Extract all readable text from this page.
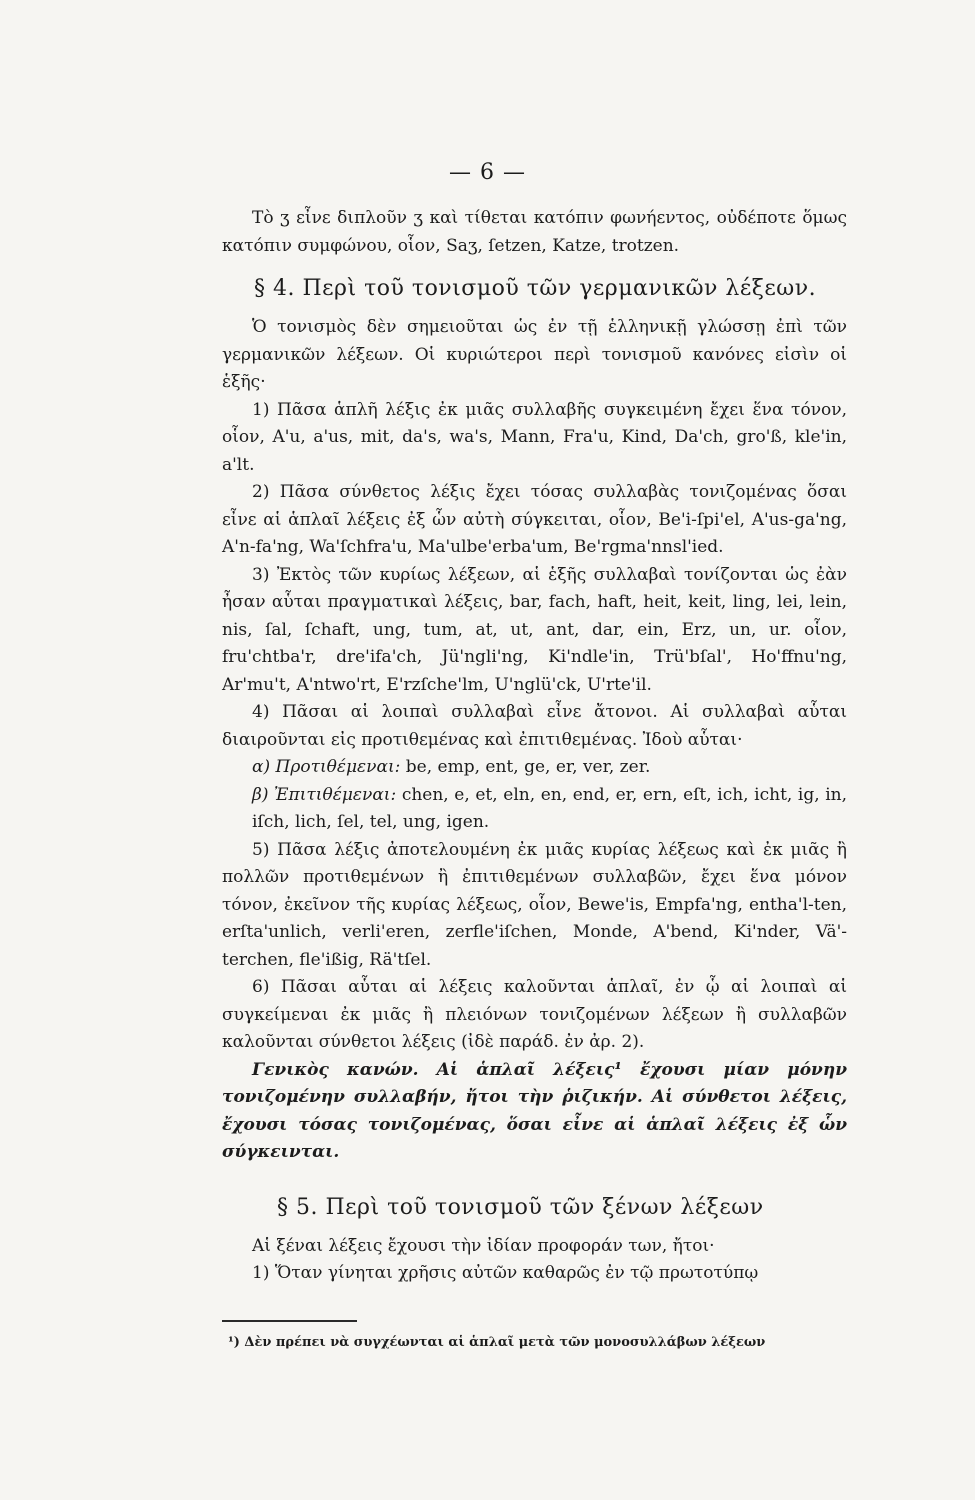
— 6 —

Τὸ ʒ εἶνε διπλοῦν ʒ καὶ τίθεται κατόπιν φωνήεντος, οὐδέποτε ὅμως κατόπιν συμφώνου, οἷον, Saʒ, ſetzen, Katze, trotzen.

§ 4. Περὶ τοῦ τονισμοῦ τῶν γερμανικῶν λέξεων.

Ὁ τονισμὸς δὲν σημειοῦται ὡς ἐν τῇ ἑλληνικῇ γλώσσῃ ἐπὶ τῶν γερμανικῶν λέξεων. Οἱ κυριώτεροι περὶ τονισμοῦ κανόνες εἰσὶν οἱ ἑξῆς·

1) Πᾶσα ἁπλῆ λέξις ἐκ μιᾶς συλλαβῆς συγκειμένη ἔχει ἕνα τόνον, οἷον, A'u, a'us, mit, da's, wa's, Mann, Fra'u, Kind, Da'ch, gro'ß, kle'in, a'lt.

2) Πᾶσα σύνθετος λέξις ἔχει τόσας συλλαβὰς τονιζομένας ὅσαι εἶνε αἱ ἁπλαῖ λέξεις ἐξ ὧν αὐτὴ σύγκειται, οἷον, Be'i-ſpi'el, A'us-ga'ng, A'n-fa'ng, Wa'ſchfra'u, Ma'ulbe'erba'um, Be'rgma'nnsl'ied.

3) Ἐκτὸς τῶν κυρίως λέξεων, αἱ ἑξῆς συλλαβαὶ τονίζονται ὡς ἐὰν ἦσαν αὗται πραγματικαὶ λέξεις, bar, fach, haft, heit, keit, ling, lei, lein, nis, ſal, ſchaft, ung, tum, at, ut, ant, dar, ein, Erz, un, ur. οἷον, fru'chtba'r, dre'ifa'ch, Jü'ngli'ng, Ki'ndle'in, Trü'bſal', Ho'ffnu'ng, Ar'mu't, A'ntwo'rt, E'rzſche'lm, U'nglü'ck, U'rte'il.

4) Πᾶσαι αἱ λοιπαὶ συλλαβαὶ εἶνε ἄτονοι. Αἱ συλλαβαὶ αὗται διαιροῦνται εἰς προτιθεμένας καὶ ἐπιτιθεμένας. Ἰδοὺ αὗται·

α) Προτιθέμεναι: be, emp, ent, ge, er, ver, zer.

β) Ἐπιτιθέμεναι: chen, e, et, eln, en, end, er, ern, eſt, ich, icht, ig, in, iſch, lich, ſel, tel, ung, igen.

5) Πᾶσα λέξις ἀποτελουμένη ἐκ μιᾶς κυρίας λέξεως καὶ ἐκ μιᾶς ἢ πολλῶν προτιθεμένων ἢ ἐπιτιθεμένων συλλαβῶν, ἔχει ἕνα μόνον τόνον, ἐκεῖνον τῆς κυρίας λέξεως, οἷον, Bewe'is, Empfa'ng, entha'l-ten, erſta'unlich, verli'eren, zerfle'iſchen, Mondе, A'bend, Ki'nder, Vä'-terchen, fle'ißig, Rä'tſel.

6) Πᾶσαι αὗται αἱ λέξεις καλοῦνται ἁπλαῖ, ἐν ᾧ αἱ λοιπαὶ αἱ συγκείμεναι ἐκ μιᾶς ἢ πλειόνων τονιζομένων λέξεων ἢ συλλαβῶν καλοῦνται σύνθετοι λέξεις (ἰδὲ παράδ. ἐν ἀρ. 2).

Γενικὸς κανών. Αἱ ἁπλαῖ λέξεις¹ ἔχουσι μίαν μόνην τονιζομένην συλλαβήν, ἤτοι τὴν ῥιζικήν. Αἱ σύνθετοι λέξεις, ἔχουσι τόσας τονιζομένας, ὅσαι εἶνε αἱ ἁπλαῖ λέξεις ἐξ ὧν σύγκεινται.

§ 5. Περὶ τοῦ τονισμοῦ τῶν ξένων λέξεων

Αἱ ξέναι λέξεις ἔχουσι τὴν ἰδίαν προφοράν των, ἤτοι·

1) Ὅταν γίνηται χρῆσις αὐτῶν καθαρῶς ἐν τῷ πρωτοτύπῳ

¹) Δὲν πρέπει νὰ συγχέωνται αἱ ἁπλαῖ μετὰ τῶν μονοσυλλάβων λέξεων
